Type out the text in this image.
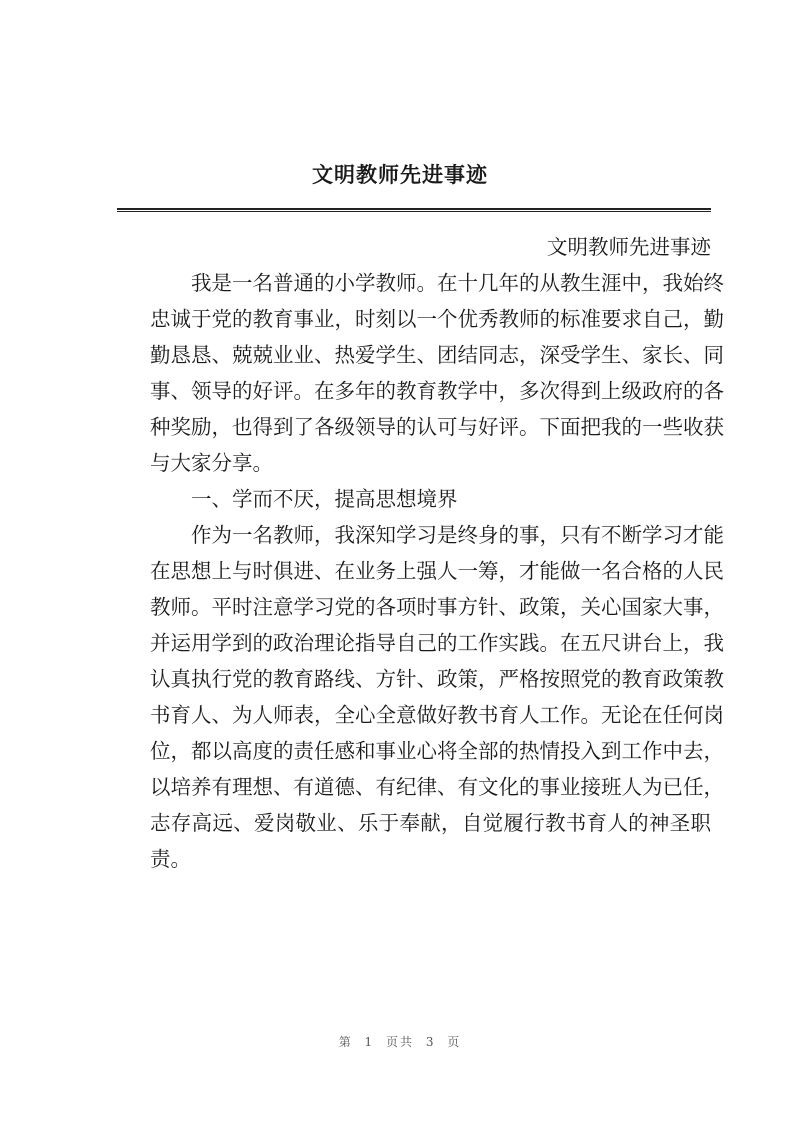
文明教师先进事迹

文明教师先进事迹

我是一名普通的小学教师。在十几年的从教生涯中，我始终
忠诚于党的教育事业，时刻以一个优秀教师的标准要求自己，勤
勤恳恳、兢兢业业、热爱学生、团结同志，深受学生、家长、同
事、领导的好评。在多年的教育教学中，多次得到上级政府的各
种奖励，也得到了各级领导的认可与好评。下面把我的一些收获
与大家分享。
一、学而不厌，提高思想境界
作为一名教师，我深知学习是终身的事，只有不断学习才能
在思想上与时俱进、在业务上强人一筹，才能做一名合格的人民
教师。平时注意学习党的各项时事方针、政策，关心国家大事，
并运用学到的政治理论指导自己的工作实践。在五尺讲台上，我
认真执行党的教育路线、方针、政策，严格按照党的教育政策教
书育人、为人师表，全心全意做好教书育人工作。无论在任何岗
位，都以高度的责任感和事业心将全部的热情投入到工作中去，
以培养有理想、有道德、有纪律、有文化的事业接班人为已任，
志存高远、爱岗敬业、乐于奉献，自觉履行教书育人的神圣职
责。
第 1 页共 3 页
